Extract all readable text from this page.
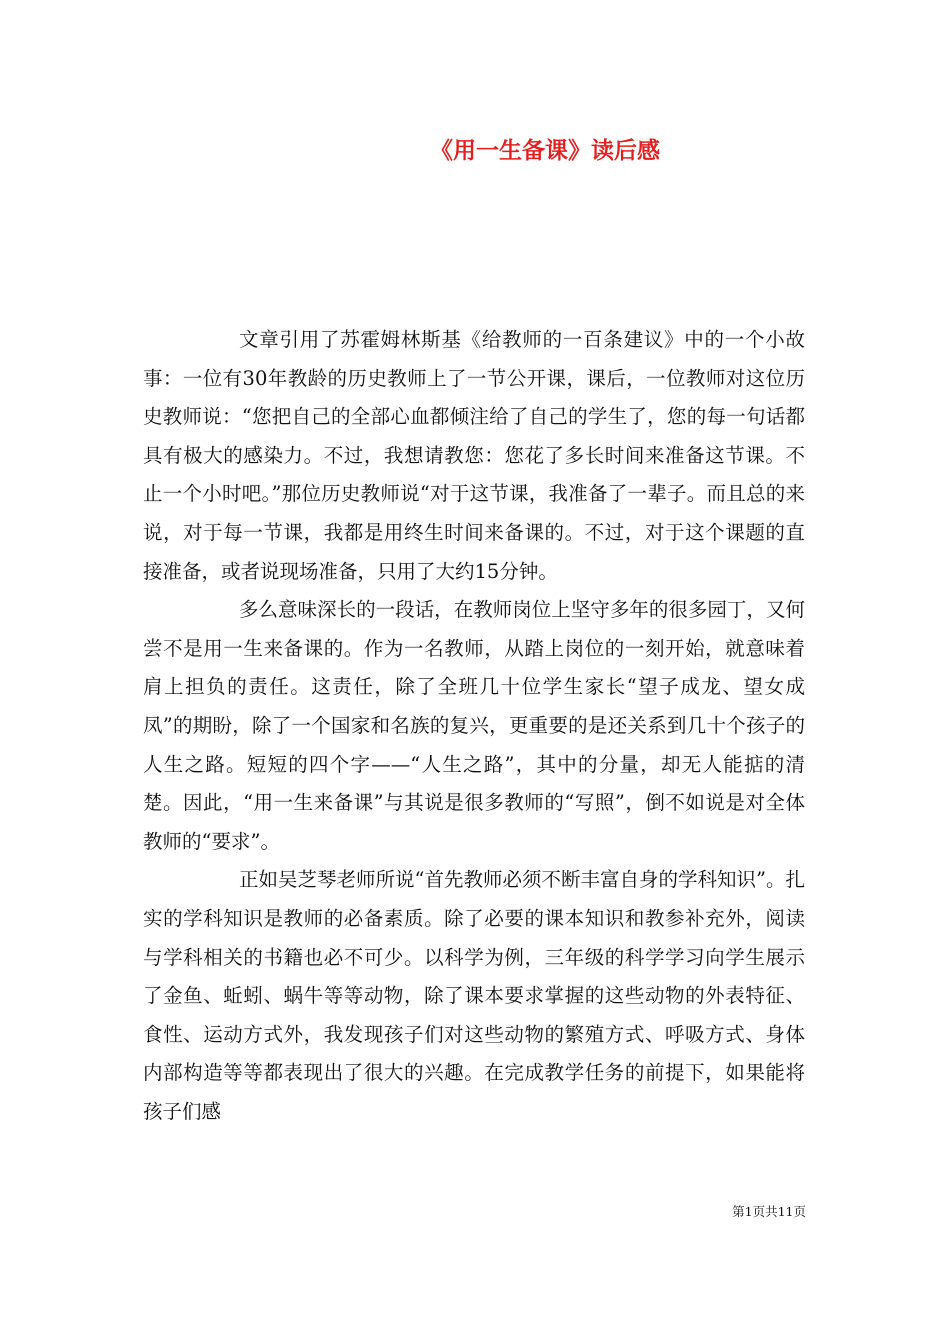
《用一生备课》读后感

文章引用了苏霍姆林斯基《给教师的一百条建议》中的一个小故事：一位有30年教龄的历史教师上了一节公开课，课后，一位教师对这位历史教师说：“您把自己的全部心血都倾注给了自己的学生了，您的每一句话都具有极大的感染力。不过，我想请教您：您花了多长时间来准备这节课。不止一个小时吧。”那位历史教师说“对于这节课，我准备了一辈子。而且总的来说，对于每一节课，我都是用终生时间来备课的。不过，对于这个课题的直接准备，或者说现场准备，只用了大约15分钟。

多么意味深长的一段话，在教师岗位上坚守多年的很多园丁，又何尝不是用一生来备课的。作为一名教师，从踏上岗位的一刻开始，就意味着肩上担负的责任。这责任，除了全班几十位学生家长“望子成龙、望女成凤”的期盼，除了一个国家和名族的复兴，更重要的是还关系到几十个孩子的人生之路。短短的四个字——“人生之路”，其中的分量，却无人能掂的清楚。因此，“用一生来备课”与其说是很多教师的“写照”，倒不如说是对全体教师的“要求”。

正如吴芝琴老师所说“首先教师必须不断丰富自身的学科知识”。扎实的学科知识是教师的必备素质。除了必要的课本知识和教参补充外，阅读与学科相关的书籍也必不可少。以科学为例，三年级的科学学习向学生展示了金鱼、蚯蚓、蜗牛等等动物，除了课本要求掌握的这些动物的外表特征、食性、运动方式外，我发现孩子们对这些动物的繁殖方式、呼吸方式、身体内部构造等等都表现出了很大的兴趣。在完成教学任务的前提下，如果能将孩子们感

第1页共11页
